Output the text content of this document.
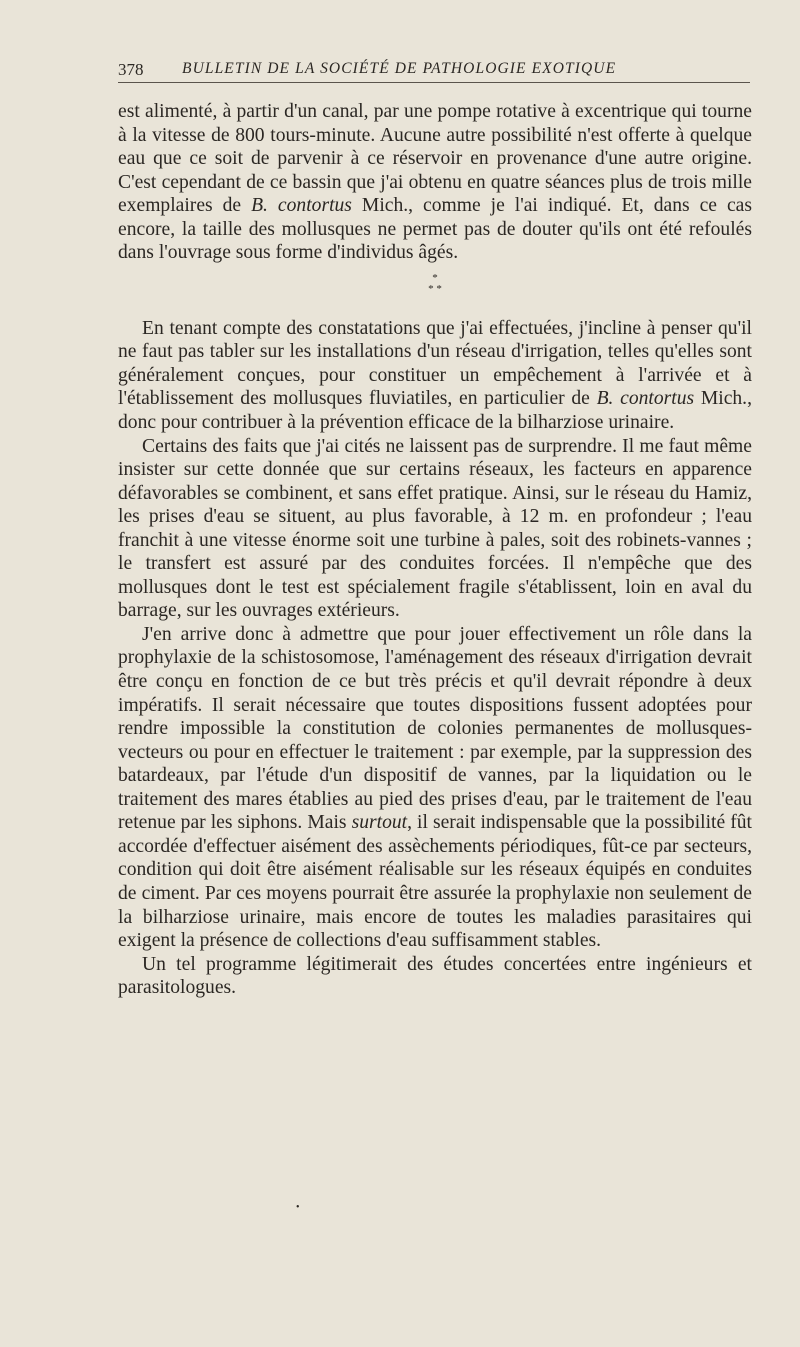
378 BULLETIN DE LA SOCIÉTÉ DE PATHOLOGIE EXOTIQUE

est alimenté, à partir d'un canal, par une pompe rotative à excentrique qui tourne à la vitesse de 800 tours-minute. Aucune autre possibilité n'est offerte à quelque eau que ce soit de parvenir à ce réservoir en provenance d'une autre origine. C'est cependant de ce bassin que j'ai obtenu en quatre séances plus de trois mille exemplaires de B. contortus Mich., comme je l'ai indiqué. Et, dans ce cas encore, la taille des mollusques ne permet pas de douter qu'ils ont été refoulés dans l'ouvrage sous forme d'individus âgés.

*
* *

En tenant compte des constatations que j'ai effectuées, j'incline à penser qu'il ne faut pas tabler sur les installations d'un réseau d'irrigation, telles qu'elles sont généralement conçues, pour constituer un empêchement à l'arrivée et à l'établissement des mollusques fluviatiles, en particulier de B. contortus Mich., donc pour contribuer à la prévention efficace de la bilharziose urinaire.

Certains des faits que j'ai cités ne laissent pas de surprendre. Il me faut même insister sur cette donnée que sur certains réseaux, les facteurs en apparence défavorables se combinent, et sans effet pratique. Ainsi, sur le réseau du Hamiz, les prises d'eau se situent, au plus favorable, à 12 m. en profondeur ; l'eau franchit à une vitesse énorme soit une turbine à pales, soit des robinets-vannes ; le transfert est assuré par des conduites forcées. Il n'empêche que des mollusques dont le test est spécialement fragile s'établissent, loin en aval du barrage, sur les ouvrages extérieurs.

J'en arrive donc à admettre que pour jouer effectivement un rôle dans la prophylaxie de la schistosomose, l'aménagement des réseaux d'irrigation devrait être conçu en fonction de ce but très précis et qu'il devrait répondre à deux impératifs. Il serait nécessaire que toutes dispositions fussent adoptées pour rendre impossible la constitution de colonies permanentes de mollusques-vecteurs ou pour en effectuer le traitement : par exemple, par la suppression des batardeaux, par l'étude d'un dispositif de vannes, par la liquidation ou le traitement des mares établies au pied des prises d'eau, par le traitement de l'eau retenue par les siphons. Mais surtout, il serait indispensable que la possibilité fût accordée d'effectuer aisément des assèchements périodiques, fût-ce par secteurs, condition qui doit être aisément réalisable sur les réseaux équipés en conduites de ciment. Par ces moyens pourrait être assurée la prophylaxie non seulement de la bilharziose urinaire, mais encore de toutes les maladies parasitaires qui exigent la présence de collections d'eau suffisamment stables.

Un tel programme légitimerait des études concertées entre ingénieurs et parasitologues.

•
